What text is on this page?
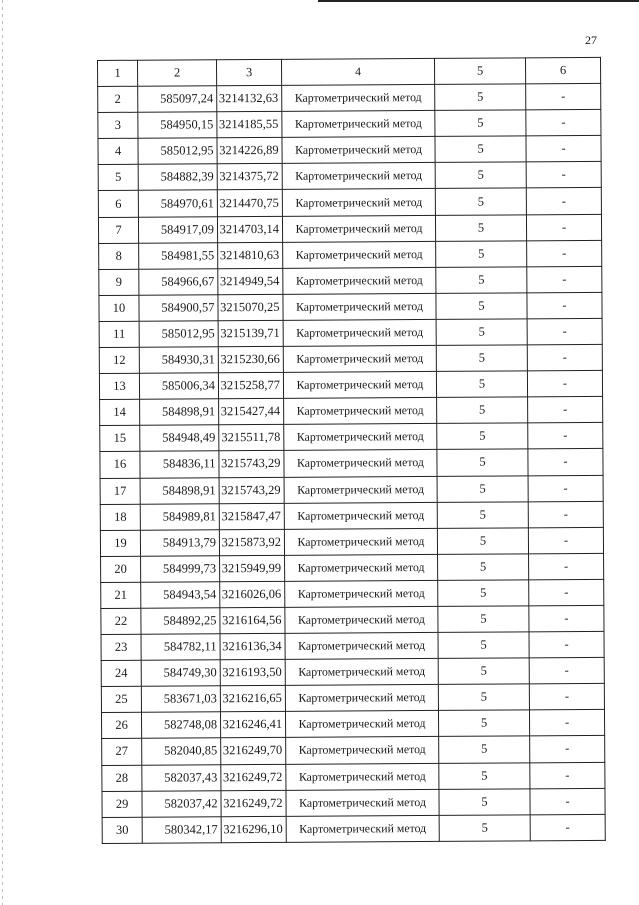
27
1	2	3	4	5	6
2	585097,24	3214132,63	Картометрический метод	5	-
3	584950,15	3214185,55	Картометрический метод	5	-
4	585012,95	3214226,89	Картометрический метод	5	-
5	584882,39	3214375,72	Картометрический метод	5	-
6	584970,61	3214470,75	Картометрический метод	5	-
7	584917,09	3214703,14	Картометрический метод	5	-
8	584981,55	3214810,63	Картометрический метод	5	-
9	584966,67	3214949,54	Картометрический метод	5	-
10	584900,57	3215070,25	Картометрический метод	5	-
11	585012,95	3215139,71	Картометрический метод	5	-
12	584930,31	3215230,66	Картометрический метод	5	-
13	585006,34	3215258,77	Картометрический метод	5	-
14	584898,91	3215427,44	Картометрический метод	5	-
15	584948,49	3215511,78	Картометрический метод	5	-
16	584836,11	3215743,29	Картометрический метод	5	-
17	584898,91	3215743,29	Картометрический метод	5	-
18	584989,81	3215847,47	Картометрический метод	5	-
19	584913,79	3215873,92	Картометрический метод	5	-
20	584999,73	3215949,99	Картометрический метод	5	-
21	584943,54	3216026,06	Картометрический метод	5	-
22	584892,25	3216164,56	Картометрический метод	5	-
23	584782,11	3216136,34	Картометрический метод	5	-
24	584749,30	3216193,50	Картометрический метод	5	-
25	583671,03	3216216,65	Картометрический метод	5	-
26	582748,08	3216246,41	Картометрический метод	5	-
27	582040,85	3216249,70	Картометрический метод	5	-
28	582037,43	3216249,72	Картометрический метод	5	-
29	582037,42	3216249,72	Картометрический метод	5	-
30	580342,17	3216296,10	Картометрический метод	5	-
